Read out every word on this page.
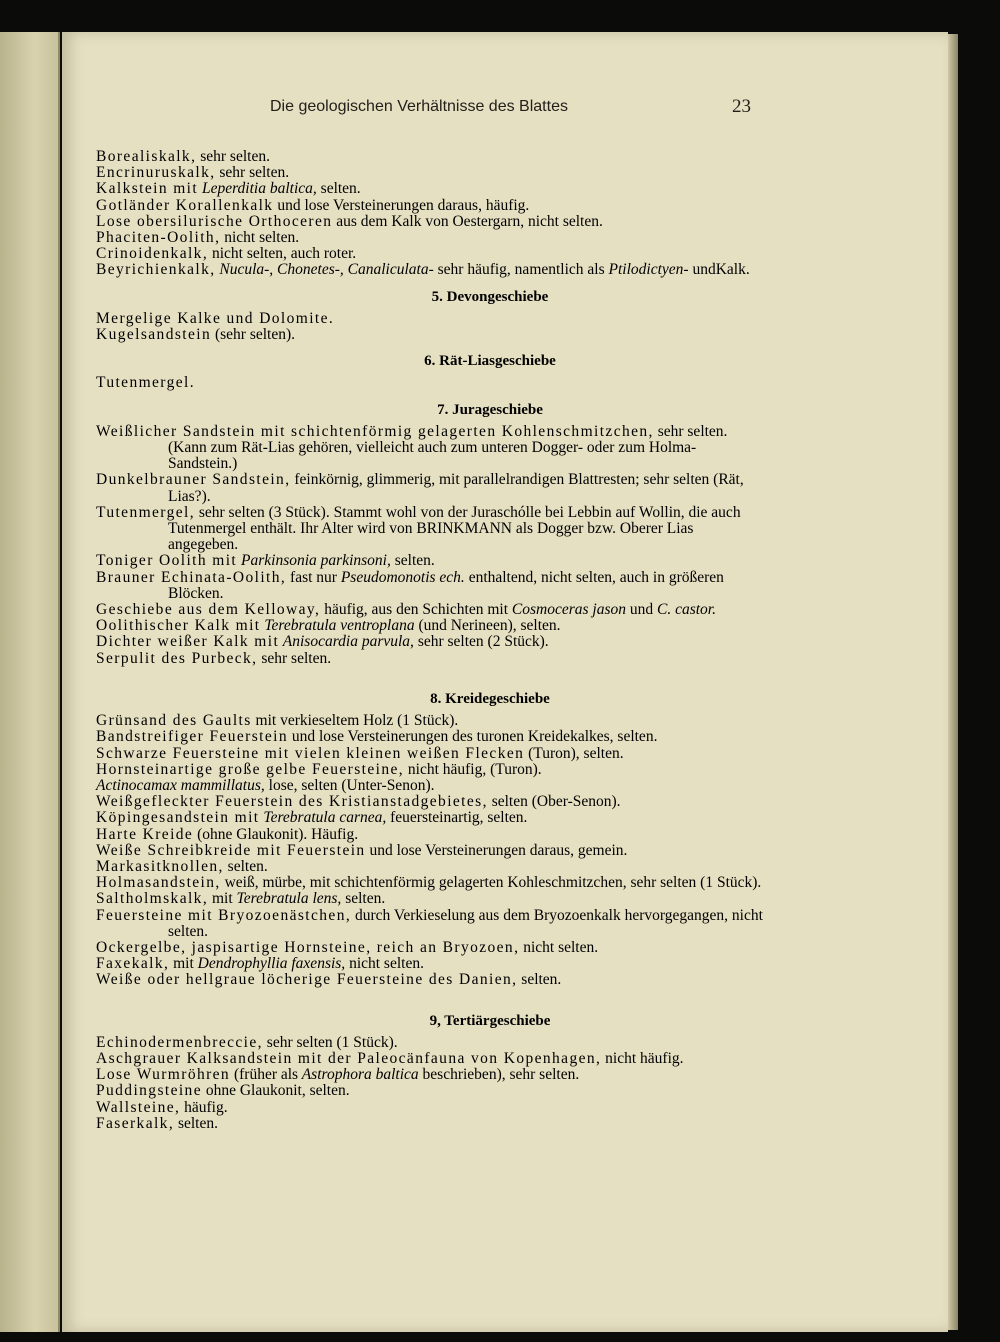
Die geologischen Verhältnisse des Blattes	23

Borealiskalk, sehr selten.

Encrinuruskalk, sehr selten.

Kalkstein mit Leperditia baltica, selten.

Gotländer Korallenkalk und lose Versteinerungen daraus, häufig.

Lose obersilurische Orthoceren aus dem Kalk von Oestergarn, nicht selten.

Phaciten-Oolith, nicht selten.

Crinoidenkalk, nicht selten, auch roter.

Beyrichienkalk, Nucula-, Chonetes-, Canaliculata- sehr häufig, namentlich als Ptilodictyen- undKalk.

5. Devongeschiebe

Mergelige Kalke und Dolomite.

Kugelsandstein (sehr selten).

6. Rät-Liasgeschiebe

Tutenmergel.

7. Jurageschiebe

Weißlicher Sandstein mit schichtenförmig gelagerten Kohlenschmitzchen, sehr selten. (Kann zum Rät-Lias gehören, vielleicht auch zum unteren Dogger- oder zum Holma-Sandstein.)

Dunkelbrauner Sandstein, feinkörnig, glimmerig, mit parallelrandigen Blattresten; sehr selten (Rät, Lias?).

Tutenmergel, sehr selten (3 Stück). Stammt wohl von der Juraschólle bei Lebbin auf Wollin, die auch Tutenmergel enthält. Ihr Alter wird von BRINKMANN als Dogger bzw. Oberer Lias angegeben.

Toniger Oolith mit Parkinsonia parkinsoni, selten.

Brauner Echinata-Oolith, fast nur Pseudomonotis ech. enthaltend, nicht selten, auch in größeren Blöcken.

Geschiebe aus dem Kelloway, häufig, aus den Schichten mit Cosmoceras jason und C. castor.

Oolithischer Kalk mit Terebratula ventroplana (und Nerineen), selten.

Dichter weißer Kalk mit Anisocardia parvula, sehr selten (2 Stück).

Serpulit des Purbeck, sehr selten.

8. Kreidegeschiebe

Grünsand des Gaults mit verkieseltem Holz (1 Stück).

Bandstreifiger Feuerstein und lose Versteinerungen des turonen Kreidekalkes, selten.

Schwarze Feuersteine mit vielen kleinen weißen Flecken (Turon), selten.

Hornsteinartige große gelbe Feuersteine, nicht häufig, (Turon).

Actinocamax mammillatus, lose, selten (Unter-Senon).

Weißgefleckter Feuerstein des Kristianstadgebietes, selten (Ober-Senon).

Köpingesandstein mit Terebratula carnea, feuersteinartig, selten.

Harte Kreide (ohne Glaukonit). Häufig.

Weiße Schreibkreide mit Feuerstein und lose Versteinerungen daraus, gemein.

Markasitknollen, selten.

Holmasandstein, weiß, mürbe, mit schichtenförmig gelagerten Kohleschmitzchen, sehr selten (1 Stück).

Saltholmskalk, mit Terebratula lens, selten.

Feuersteine mit Bryozoenästchen, durch Verkieselung aus dem Bryozoenkalk hervorgegangen, nicht selten.

Ockergelbe, jaspisartige Hornsteine, reich an Bryozoen, nicht selten.

Faxekalk, mit Dendrophyllia faxensis, nicht selten.

Weiße oder hellgraue löcherige Feuersteine des Danien, selten.

9, Tertiärgeschiebe

Echinodermenbreccie, sehr selten (1 Stück).

Aschgrauer Kalksandstein mit der Paleocänfauna von Kopenhagen, nicht häufig.

Lose Wurmröhren (früher als Astrophora baltica beschrieben), sehr selten.

Puddingsteine ohne Glaukonit, selten.

Wallsteine, häufig.

Faserkalk, selten.
